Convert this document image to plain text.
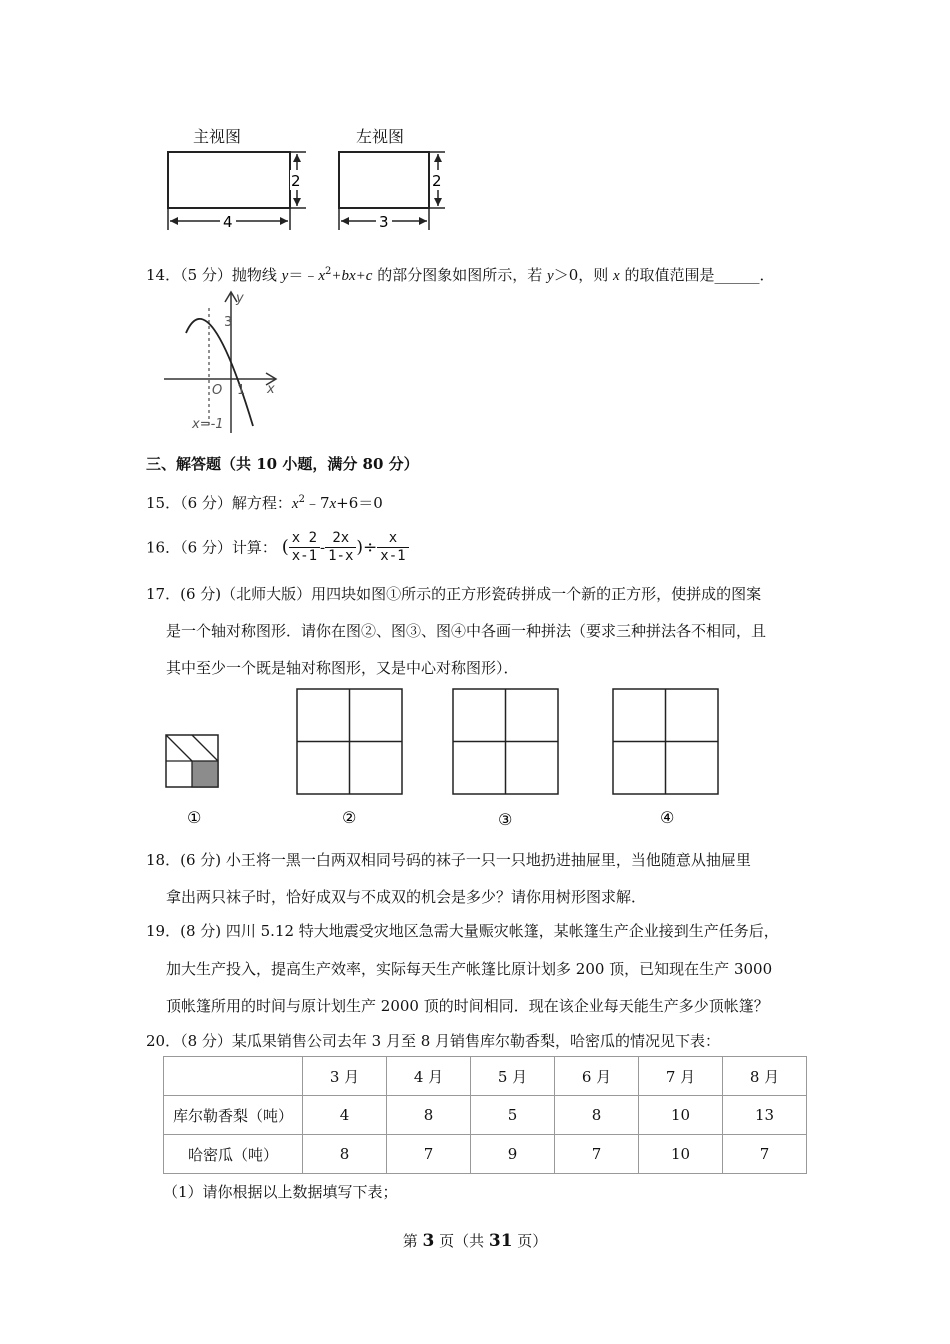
主视图	左视图
2
4
2
3
14．（5 分）抛物线 $y=﹣x^2+bx+c$ 的部分图象如图所示，若 y＞0，则 x 的取值范围是______．
y
3
O 1 x
x=-1
三、解答题（共 10 小题，满分 80 分）
15．（6 分）解方程：$x^2﹣7x+6=0$
16．（6 分）计算： ( $\frac{x 2}{x-1} - \frac{2x}{1-x}$ )÷ $\frac{x}{x-1}$
17．(6 分)（北师大版）用四块如图①所示的正方形瓷砖拼成一个新的正方形，使拼成的图案
是一个轴对称图形．请你在图②、图③、图④中各画一种拼法（要求三种拼法各不相同，且
其中至少一个既是轴对称图形，又是中心对称图形）．
①	②	③	④
18．(6 分) 小王将一黑一白两双相同号码的袜子一只一只地扔进抽屉里，当他随意从抽屉里
拿出两只袜子时，恰好成双与不成双的机会是多少？请你用树形图求解．
19．(8 分) 四川 5.12 特大地震受灾地区急需大量赈灾帐篷，某帐篷生产企业接到生产任务后，
加大生产投入，提高生产效率，实际每天生产帐篷比原计划多 200 顶，已知现在生产 3000
顶帐篷所用的时间与原计划生产 2000 顶的时间相同．现在该企业每天能生产多少顶帐篷？
20．（8 分）某瓜果销售公司去年 3 月至 8 月销售库尔勒香梨，哈密瓜的情况见下表：
	3 月	4 月	5 月	6 月	7 月	8 月
库尔勒香梨（吨）	4	8	5	8	10	13
哈密瓜（吨）	8	7	9	7	10	7
（1）请你根据以上数据填写下表；
第 3 页（共 31 页）
